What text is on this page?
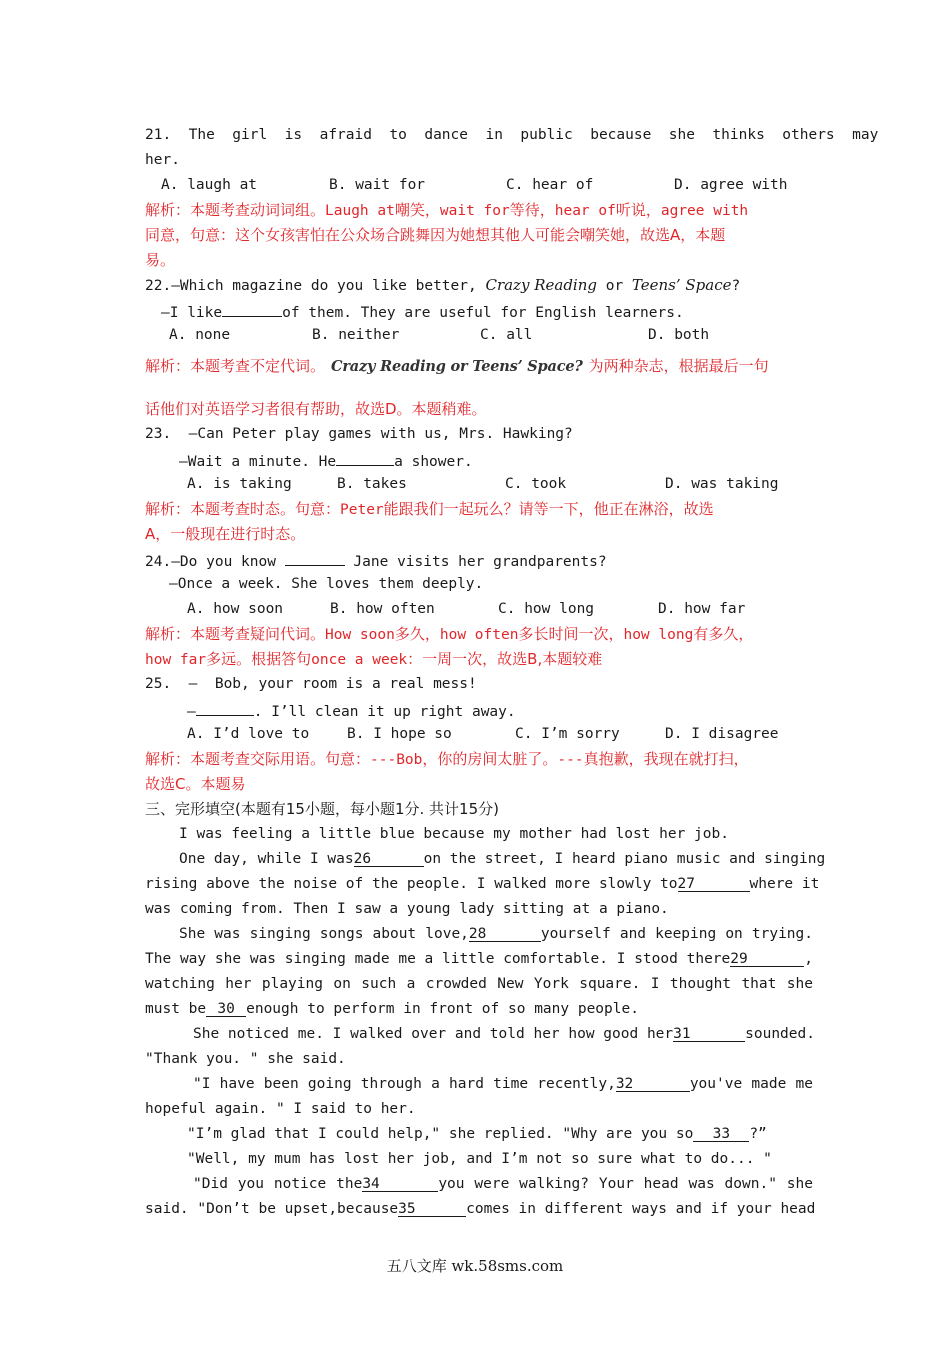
21.  The  girl  is  afraid  to  dance  in  public  because  she  thinks  others  may
her.
A. laugh at	B. wait for	C. hear of	D. agree with
解析：本题考查动词词组。Laugh at嘲笑，wait for等待，hear of听说，agree with
同意，句意：这个女孩害怕在公众场合跳舞因为她想其他人可能会嘲笑她，故选A，本题
易。
22.—Which magazine do you like better, Crazy Reading or Teens’ Space?
—I like	of them. They are useful for English learners.
A. none	B. neither	C. all	D. both
解析：本题考查不定代词。 Crazy Reading or Teens’ Space? 为两种杂志，根据最后一句
话他们对英语学习者很有帮助，故选D。本题稍难。
23.  —Can Peter play games with us, Mrs. Hawking?
—Wait a minute. He	a shower.
A. is taking	B. takes	C. took	D. was taking
解析：本题考查时态。句意：Peter能跟我们一起玩么？请等一下，他正在淋浴，故选
A，一般现在进行时态。
24.—Do you know	Jane visits her grandparents?
—Once a week. She loves them deeply.
A. how soon	B. how often	C. how long	D. how far
解析：本题考查疑问代词。How soon多久，how often多长时间一次，how long有多久，
how far多远。根据答句once a week：一周一次，故选B,本题较难
25.  —  Bob, your room is a real mess!
—	. I’ll clean it up right away.
A. I’d love to	B. I hope so	C. I’m sorry	D. I disagree
解析：本题考查交际用语。句意：---Bob，你的房间太脏了。---真抱歉，我现在就打扫，
故选C。本题易
三、完形填空(本题有15小题，每小题1分. 共计15分)
I was feeling a little blue because my mother had lost her job.
One day, while I was26	on the street, I heard piano music and singing
rising above the noise of the people. I walked more slowly to27	where it
was coming from. Then I saw a young lady sitting at a piano.
She was singing songs about love,28	yourself and keeping on trying.
The way she was singing made me a little comfortable. I stood there29	,
watching her playing on such a crowded New York square. I thought that she
must be 30 enough to perform in front of so many people.
She noticed me. I walked over and told her how good her31	sounded.
"Thank you. " she said.
"I have been going through a hard time recently,32	you've made me
hopeful again. " I said to her.
"I’m glad that I could help," she replied. "Why are you so 33 ?”
"Well, my mum has lost her job, and I’m not so sure what to do... "
"Did you notice the34	you were walking? Your head was down." she
said. "Don’t be upset,because35	comes in different ways and if your head
五八文库 wk.58sms.com
